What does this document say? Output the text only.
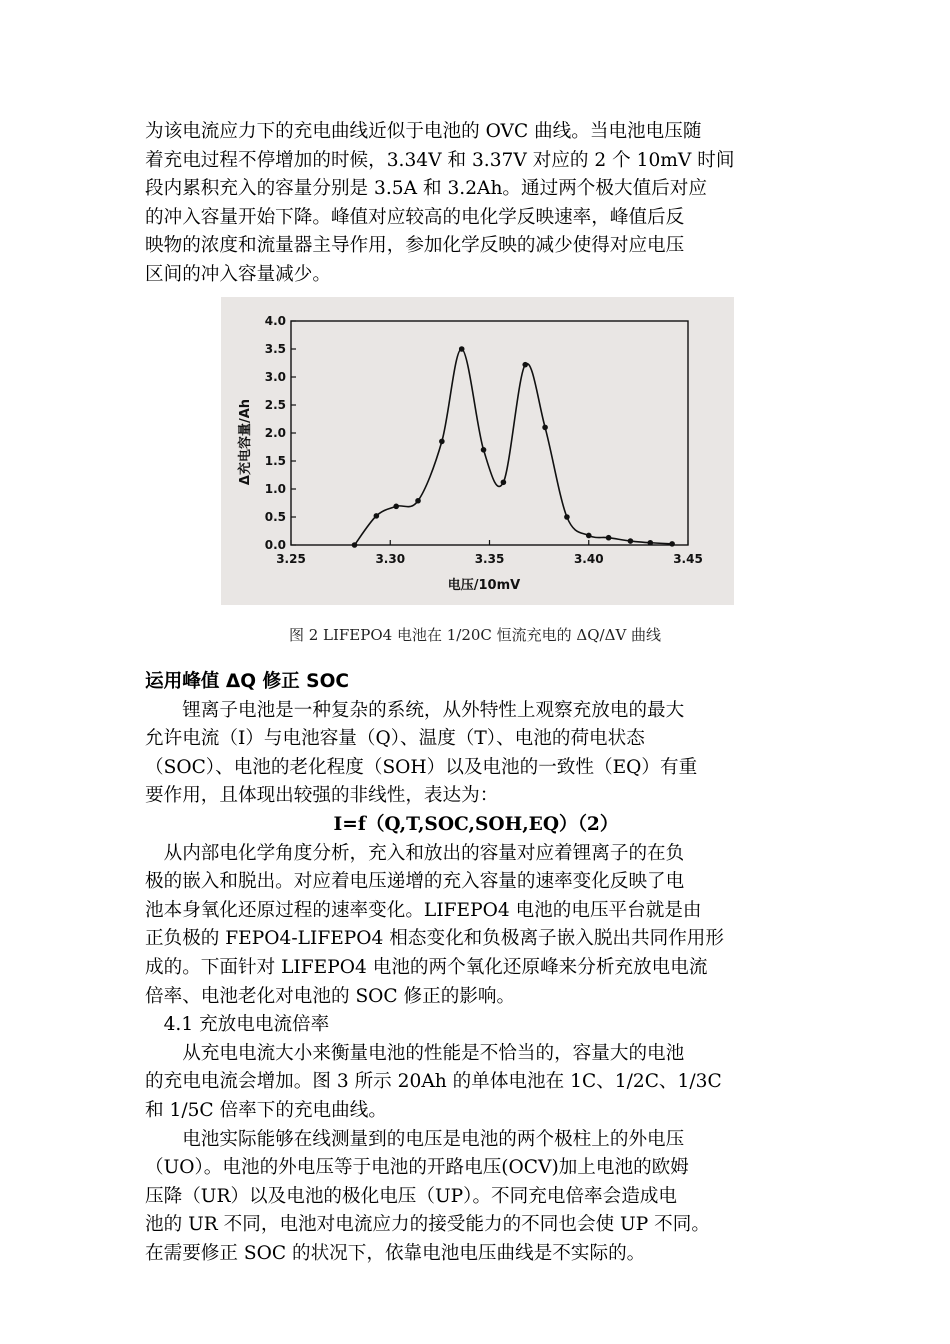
为该电流应力下的充电曲线近似于电池的 OVC 曲线。当电池电压随

着充电过程不停增加的时候，3.34V 和 3.37V 对应的 2 个 10mV 时间

段内累积充入的容量分别是 3.5A 和 3.2Ah。通过两个极大值后对应

的冲入容量开始下降。峰值对应较高的电化学反映速率，峰值后反

映物的浓度和流量器主导作用，参加化学反映的减少使得对应电压

区间的冲入容量减少。

3.25	3.30	3.35	3.40	3.45
0.0
0.5
1.0
1.5
2.0
2.5
3.0
3.5
4.0
电压/10mV
Δ充电容量/Ah
图 2 LIFEPO4 电池在 1/20C 恒流充电的 ΔQ/ΔV 曲线

运用峰值 ΔQ 修正 SOC

锂离子电池是一种复杂的系统，从外特性上观察充放电的最大

允许电流（I）与电池容量（Q）、温度（T）、电池的荷电状态

（SOC）、电池的老化程度（SOH）以及电池的一致性（EQ）有重

要作用，且体现出较强的非线性，表达为：

I=f（Q,T,SOC,SOH,EQ）（2）

从内部电化学角度分析，充入和放出的容量对应着锂离子的在负

极的嵌入和脱出。对应着电压递增的充入容量的速率变化反映了电

池本身氧化还原过程的速率变化。LIFEPO4 电池的电压平台就是由

正负极的 FEPO4-LIFEPO4 相态变化和负极离子嵌入脱出共同作用形

成的。下面针对 LIFEPO4 电池的两个氧化还原峰来分析充放电电流

倍率、电池老化对电池的 SOC 修正的影响。

4.1 充放电电流倍率

从充电电流大小来衡量电池的性能是不恰当的，容量大的电池

的充电电流会增加。图 3 所示 20Ah 的单体电池在 1C、1/2C、1/3C

和 1/5C 倍率下的充电曲线。

电池实际能够在线测量到的电压是电池的两个极柱上的外电压

（UO）。电池的外电压等于电池的开路电压(OCV)加上电池的欧姆

压降（UR）以及电池的极化电压（UP）。不同充电倍率会造成电

池的 UR 不同，电池对电流应力的接受能力的不同也会使 UP 不同。

在需要修正 SOC 的状况下，依靠电池电压曲线是不实际的。
